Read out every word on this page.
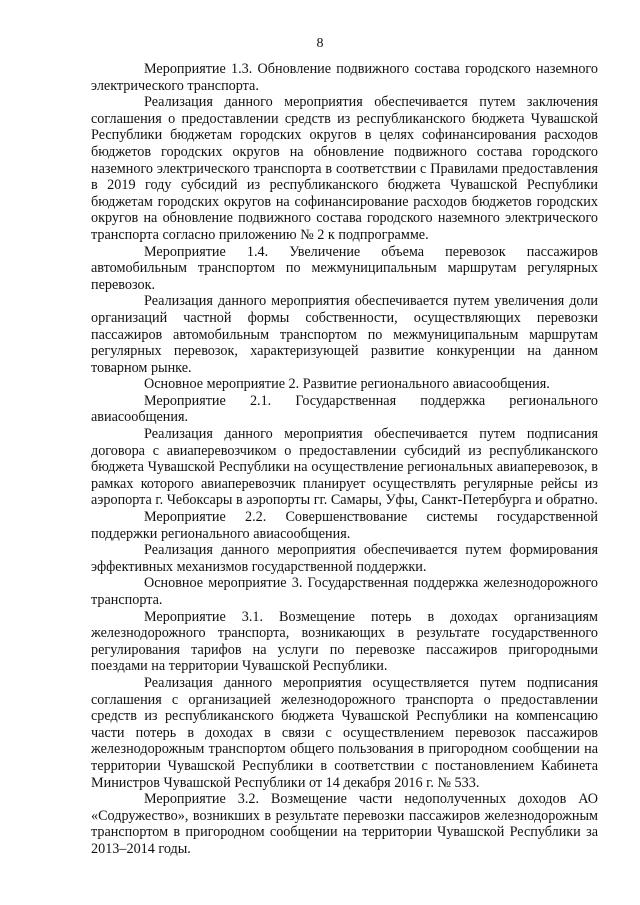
8

Мероприятие 1.3. Обновление подвижного состава городского наземного электрического транспорта.

Реализация данного мероприятия обеспечивается путем заключения соглашения о предоставлении средств из республиканского бюджета Чувашской Республики бюджетам городских округов в целях софинансирования расходов бюджетов городских округов на обновление подвижного состава городского наземного электрического транспорта в соответствии с Правилами предоставления в 2019 году субсидий из республиканского бюджета Чувашской Республики бюджетам городских округов на софинансирование расходов бюджетов городских округов на обновление подвижного состава городского наземного электрического транспорта согласно приложению № 2 к подпрограмме.

Мероприятие 1.4. Увеличение объема перевозок пассажиров автомобильным транспортом по межмуниципальным маршрутам регулярных перевозок.

Реализация данного мероприятия обеспечивается путем увеличения доли организаций частной формы собственности, осуществляющих перевозки пассажиров автомобильным транспортом по межмуниципальным маршрутам регулярных перевозок, характеризующей развитие конкуренции на данном товарном рынке.

Основное мероприятие 2. Развитие регионального авиасообщения.

Мероприятие 2.1. Государственная поддержка регионального авиасообщения.

Реализация данного мероприятия обеспечивается путем подписания договора с авиаперевозчиком о предоставлении субсидий из республиканского бюджета Чувашской Республики на осуществление региональных авиаперевозок, в рамках которого авиаперевозчик планирует осуществлять регулярные рейсы из аэропорта г. Чебоксары в аэропорты гг. Самары, Уфы, Санкт-Петербурга и обратно.

Мероприятие 2.2. Совершенствование системы государственной поддержки регионального авиасообщения.

Реализация данного мероприятия обеспечивается путем формирования эффективных механизмов государственной поддержки.

Основное мероприятие 3. Государственная поддержка железнодорожного транспорта.

Мероприятие 3.1. Возмещение потерь в доходах организациям железнодорожного транспорта, возникающих в результате государственного регулирования тарифов на услуги по перевозке пассажиров пригородными поездами на территории Чувашской Республики.

Реализация данного мероприятия осуществляется путем подписания соглашения с организацией железнодорожного транспорта о предоставлении средств из республиканского бюджета Чувашской Республики на компенсацию части потерь в доходах в связи с осуществлением перевозок пассажиров железнодорожным транспортом общего пользования в пригородном сообщении на территории Чувашской Республики в соответствии с постановлением Кабинета Министров Чувашской Республики от 14 декабря 2016 г. № 533.

Мероприятие 3.2. Возмещение части недополученных доходов АО «Содружество», возникших в результате перевозки пассажиров железнодорожным транспортом в пригородном сообщении на территории Чувашской Республики за 2013–2014 годы.
